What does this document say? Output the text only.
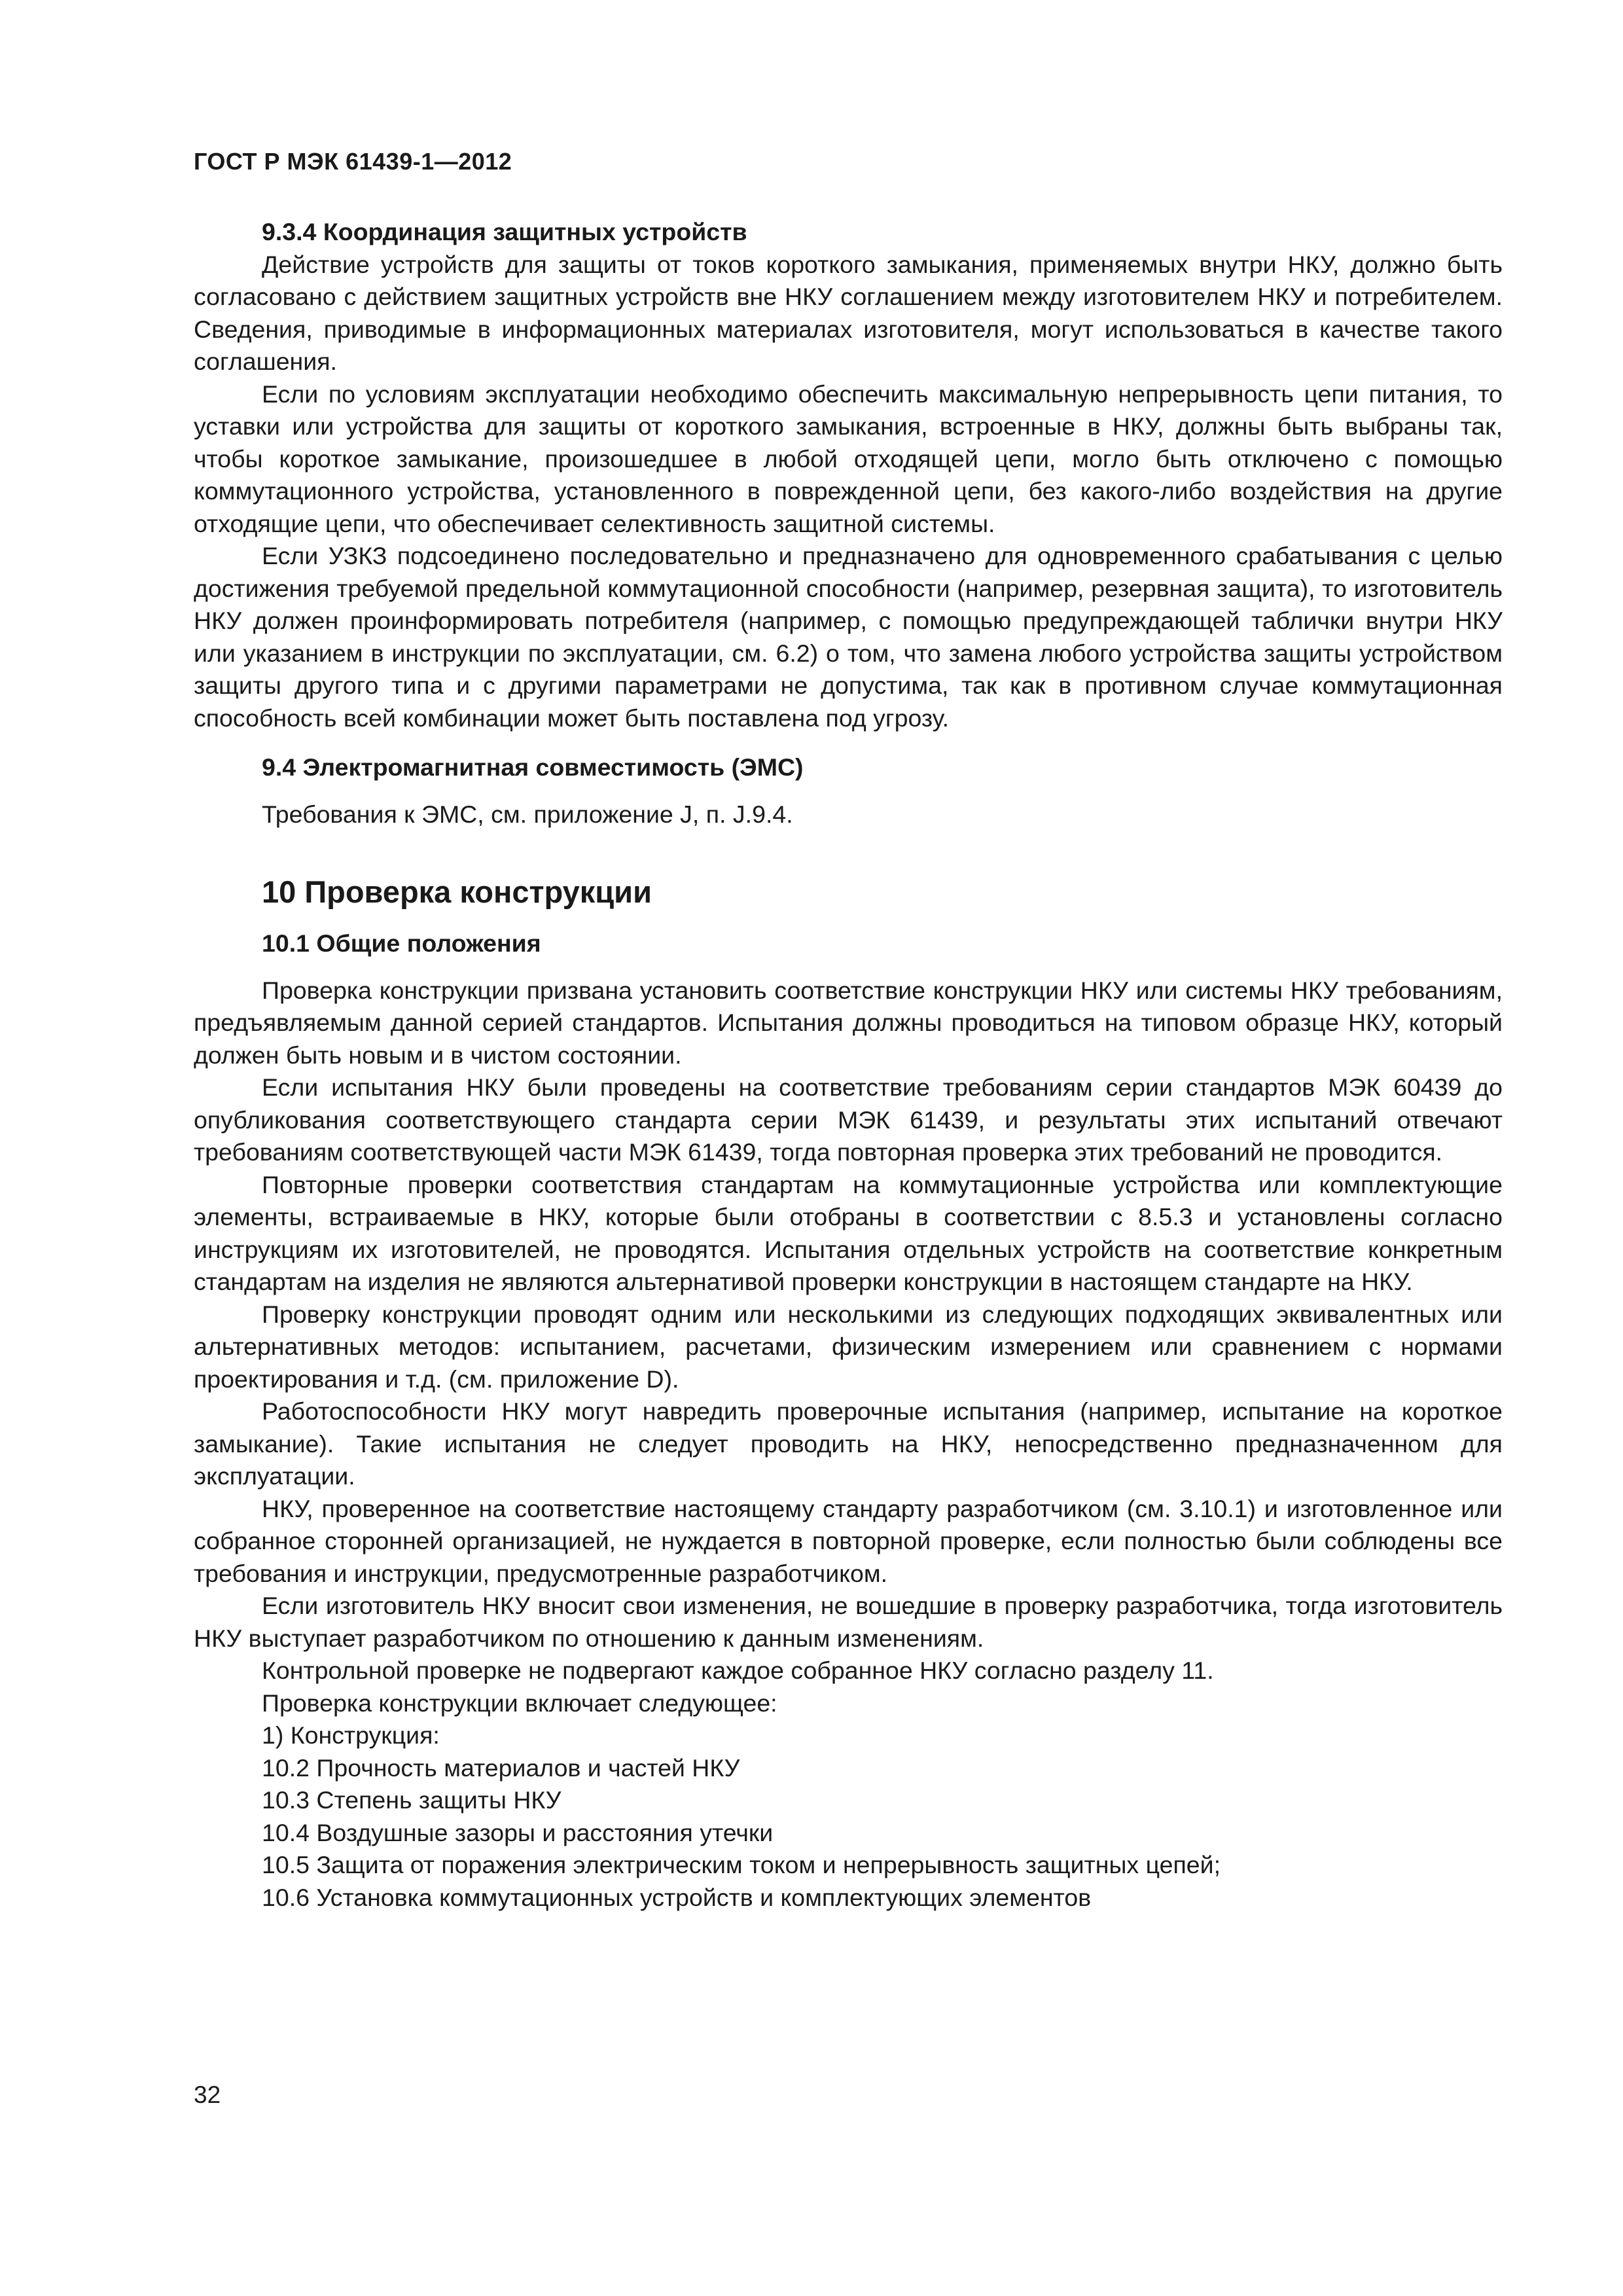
ГОСТ Р МЭК 61439-1—2012
9.3.4 Координация защитных устройств
Действие устройств для защиты от токов короткого замыкания, применяемых внутри НКУ, должно быть согласовано с действием защитных устройств вне НКУ соглашением между изготовителем НКУ и потребителем. Сведения, приводимые в информационных материалах изготовителя, могут использоваться в качестве такого соглашения.
Если по условиям эксплуатации необходимо обеспечить максимальную непрерывность цепи питания, то уставки или устройства для защиты от короткого замыкания, встроенные в НКУ, должны быть выбраны так, чтобы короткое замыкание, произошедшее в любой отходящей цепи, могло быть отключено с помощью коммутационного устройства, установленного в поврежденной цепи, без какого-либо воздействия на другие отходящие цепи, что обеспечивает селективность защитной системы.
Если УЗКЗ подсоединено последовательно и предназначено для одновременного срабатывания с целью достижения требуемой предельной коммутационной способности (например, резервная защита), то изготовитель НКУ должен проинформировать потребителя (например, с помощью предупреждающей таблички внутри НКУ или указанием в инструкции по эксплуатации, см. 6.2) о том, что замена любого устройства защиты устройством защиты другого типа и с другими параметрами не допустима, так как в противном случае коммутационная способность всей комбинации может быть поставлена под угрозу.
9.4 Электромагнитная совместимость (ЭМС)
Требования к ЭМС, см. приложение J, п. J.9.4.
10 Проверка конструкции
10.1 Общие положения
Проверка конструкции призвана установить соответствие конструкции НКУ или системы НКУ требованиям, предъявляемым данной серией стандартов. Испытания должны проводиться на типовом образце НКУ, который должен быть новым и в чистом состоянии.
Если испытания НКУ были проведены на соответствие требованиям серии стандартов МЭК 60439 до опубликования соответствующего стандарта серии МЭК 61439, и результаты этих испытаний отвечают требованиям соответствующей части МЭК 61439, тогда повторная проверка этих требований не проводится.
Повторные проверки соответствия стандартам на коммутационные устройства или комплектующие элементы, встраиваемые в НКУ, которые были отобраны в соответствии с 8.5.3 и установлены согласно инструкциям их изготовителей, не проводятся. Испытания отдельных устройств на соответствие конкретным стандартам на изделия не являются альтернативой проверки конструкции в настоящем стандарте на НКУ.
Проверку конструкции проводят одним или несколькими из следующих подходящих эквивалентных или альтернативных методов: испытанием, расчетами, физическим измерением или сравнением с нормами проектирования и т.д. (см. приложение D).
Работоспособности НКУ могут навредить проверочные испытания (например, испытание на короткое замыкание). Такие испытания не следует проводить на НКУ, непосредственно предназначенном для эксплуатации.
НКУ, проверенное на соответствие настоящему стандарту разработчиком (см. 3.10.1) и изготовленное или собранное сторонней организацией, не нуждается в повторной проверке, если полностью были соблюдены все требования и инструкции, предусмотренные разработчиком.
Если изготовитель НКУ вносит свои изменения, не вошедшие в проверку разработчика, тогда изготовитель НКУ выступает разработчиком по отношению к данным изменениям.
Контрольной проверке не подвергают каждое собранное НКУ согласно разделу 11.
Проверка конструкции включает следующее:
1) Конструкция:
10.2 Прочность материалов и частей НКУ
10.3 Степень защиты НКУ
10.4 Воздушные зазоры и расстояния утечки
10.5 Защита от поражения электрическим током и непрерывность защитных цепей;
10.6 Установка коммутационных устройств и комплектующих элементов
32
